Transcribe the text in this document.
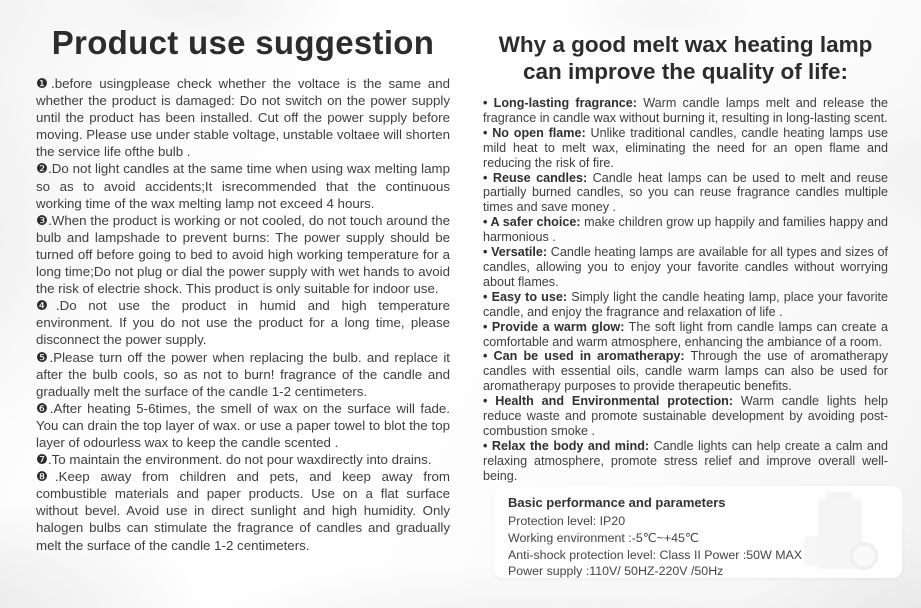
Product use suggestion

❶.before usingplease check whether the voltace is the same and whether the product is damaged: Do not switch on the power supply until the product has been installed. Cut off the power supply before moving. Please use under stable voltage, unstable voltaee will shorten the service life ofthe bulb .

❷.Do not light candles at the same time when using wax melting lamp so as to avoid accidents;It isrecommended that the continuous working time of the wax melting lamp not exceed 4 hours.

❸.When the product is working or not cooled, do not touch around the bulb and lampshade to prevent burns: The power supply should be turned off before going to bed to avoid high working temperature for a long time;Do not plug or dial the power supply with wet hands to avoid the risk of electrie shock. This product is only suitable for indoor use.

❹.Do not use the product in humid and high temperature environment. If you do not use the product for a long time, please disconnect the power supply.

❺.Please turn off the power when replacing the bulb. and replace it after the bulb cools, so as not to burn! fragrance of the candle and gradually melt the surface of the candle 1-2 centimeters.

❻.After heating 5-6times, the smell of wax on the surface will fade. You can drain the top layer of wax. or use a paper towel to blot the top layer of odourless wax to keep the candle scented .

❼.To maintain the environment. do not pour waxdirectly into drains.

❽.Keep away from children and pets, and keep away from combustible materials and paper products. Use on a flat surface without bevel. Avoid use in direct sunlight and high humidity. Only halogen bulbs can stimulate the fragrance of candles and gradually melt the surface of the candle 1-2 centimeters.

Why a good melt wax heating lamp
can improve the quality of life:

• Long-lasting fragrance: Warm candle lamps melt and release the fragrance in candle wax without burning it, resulting in long-lasting scent.

• No open flame: Unlike traditional candles, candle heating lamps use mild heat to melt wax, eliminating the need for an open flame and reducing the risk of fire.

• Reuse candles: Candle heat lamps can be used to melt and reuse partially burned candles, so you can reuse fragrance candles multiple times and save money .

• A safer choice: make children grow up happily and families happy and harmonious .

• Versatile: Candle heating lamps are available for all types and sizes of candles, allowing you to enjoy your favorite candles without worrying about flames.

• Easy to use: Simply light the candle heating lamp, place your favorite candle, and enjoy the fragrance and relaxation of life .

• Provide a warm glow: The soft light from candle lamps can create a comfortable and warm atmosphere, enhancing the ambiance of a room.

• Can be used in aromatherapy: Through the use of aromatherapy candles with essential oils, candle warm lamps can also be used for aromatherapy purposes to provide therapeutic benefits.

• Health and Environmental protection: Warm candle lights help reduce waste and promote sustainable development by avoiding post-combustion smoke .

• Relax the body and mind: Candle lights can help create a calm and relaxing atmosphere, promote stress relief and improve overall well-being.

Basic performance and parameters
Protection level: IP20
Working environment :-5℃~+45℃
Anti-shock protection level: Class II Power :50W MAX
Power supply :110V/ 50HZ-220V /50Hz
